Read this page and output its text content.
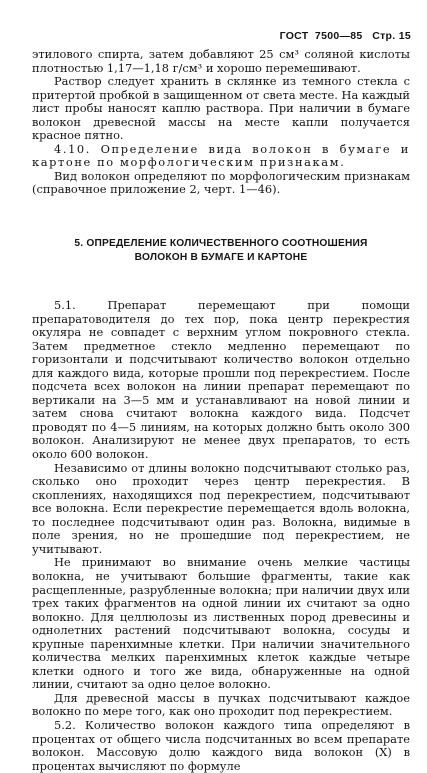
ГОСТ  7500—85 Стр. 15

этилового спирта, затем добавляют 25 см³ соляной кислоты плотностью 1,17—1,18 г/см³ и хорошо перемешивают.

Раствор следует хранить в склянке из темного стекла с притертой пробкой в защищенном от света месте. На каждый лист пробы наносят каплю раствора. При наличии в бумаге волокон древесной массы на месте капли получается красное пятно.

4.10. Определение вида волокон в бумаге и картоне по морфологическим признакам.

Вид волокон определяют по морфологическим признакам (справочное приложение 2, черт. 1—46).

5. ОПРЕДЕЛЕНИЕ КОЛИЧЕСТВЕННОГО СООТНОШЕНИЯ
ВОЛОКОН В БУМАГЕ И КАРТОНЕ

5.1. Препарат перемещают при помощи препаратоводителя до тех пор, пока центр перекрестия окуляра не совпадет с верхним углом покровного стекла. Затем предметное стекло медленно перемещают по горизонтали и подсчитывают количество волокон отдельно для каждого вида, которые прошли под перекрестием. После подсчета всех волокон на линии препарат перемещают по вертикали на 3—5 мм и устанавливают на новой линии и затем снова считают волокна каждого вида. Подсчет проводят по 4—5 линиям, на которых должно быть около 300 волокон. Анализируют не менее двух препаратов, то есть около 600 волокон.

Независимо от длины волокно подсчитывают столько раз, сколько оно проходит через центр перекрестия. В скоплениях, находящихся под перекрестием, подсчитывают все волокна. Если перекрестие перемещается вдоль волокна, то последнее подсчитывают один раз. Волокна, видимые в поле зрения, но не прошедшие под перекрестием, не учитывают.

Не принимают во внимание очень мелкие частицы волокна, не учитывают большие фрагменты, такие как расщепленные, разрубленные волокна; при наличии двух или трех таких фрагментов на одной линии их считают за одно волокно. Для целлюлозы из лиственных пород древесины и однолетних растений подсчитывают волокна, сосуды и крупные паренхимные клетки. При наличии значительного количества мелких паренхимных клеток каждые четыре клетки одного и того же вида, обнаруженные на одной линии, считают за одно целое волокно.

Для древесной массы в пучках подсчитывают каждое волокно по мере того, как оно проходит под перекрестием.

5.2. Количество волокон каждого типа определяют в процентах от общего числа подсчитанных во всем препарате волокон. Массовую долю каждого вида волокон (X) в процентах вычисляют по формуле
